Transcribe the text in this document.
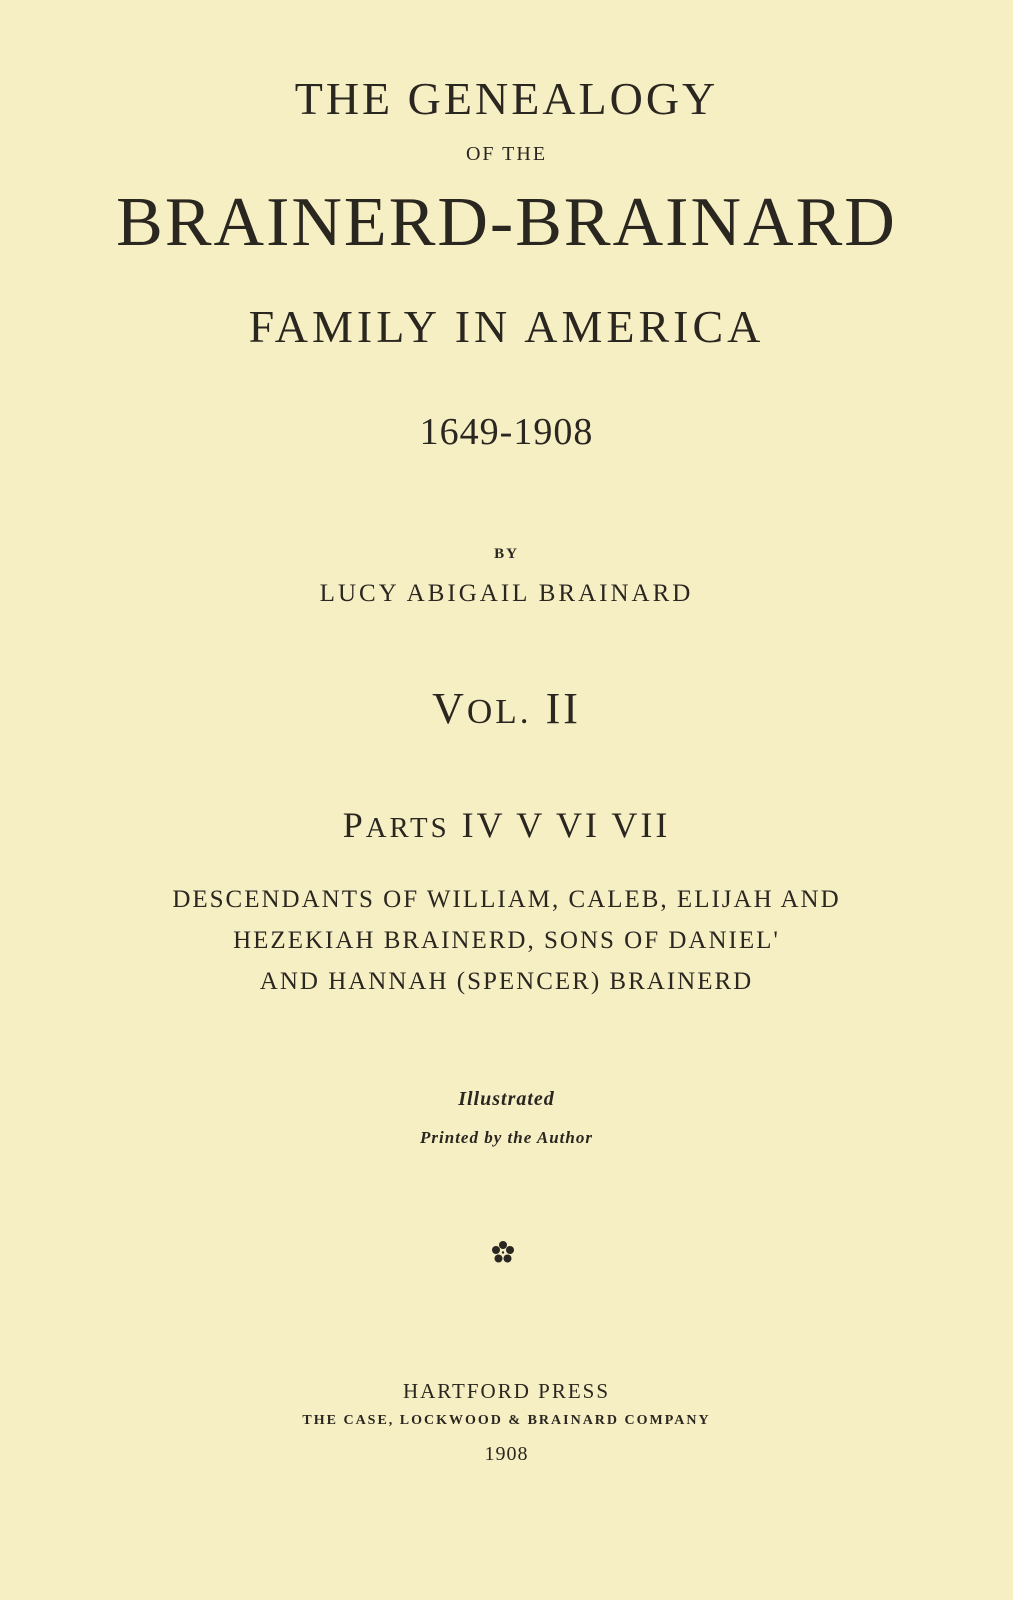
THE GENEALOGY
OF THE
BRAINERD-BRAINARD
FAMILY IN AMERICA
1649-1908
BY
LUCY ABIGAIL BRAINARD
VOL. II
PARTS IV V VI VII
DESCENDANTS OF WILLIAM, CALEB, ELIJAH AND
HEZEKIAH BRAINERD, SONS OF DANIEL'
AND HANNAH (SPENCER) BRAINERD
Illustrated
Printed by the Author
HARTFORD PRESS
THE CASE, LOCKWOOD & BRAINARD COMPANY
1908
